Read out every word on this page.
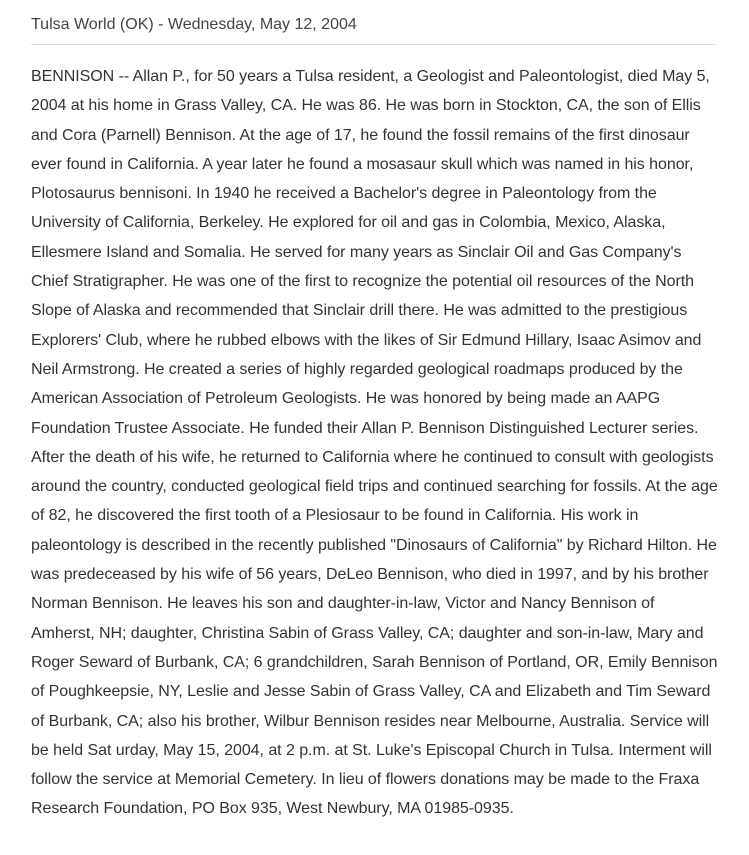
Tulsa World (OK) - Wednesday, May 12, 2004

BENNISON -- Allan P., for 50 years a Tulsa resident, a Geologist and Paleontologist, died May 5, 2004 at his home in Grass Valley, CA. He was 86. He was born in Stockton, CA, the son of Ellis and Cora (Parnell) Bennison. At the age of 17, he found the fossil remains of the first dinosaur ever found in California. A year later he found a mosasaur skull which was named in his honor, Plotosaurus bennisoni. In 1940 he received a Bachelor's degree in Paleontology from the University of California, Berkeley. He explored for oil and gas in Colombia, Mexico, Alaska, Ellesmere Island and Somalia. He served for many years as Sinclair Oil and Gas Company's Chief Stratigrapher. He was one of the first to recognize the potential oil resources of the North Slope of Alaska and recommended that Sinclair drill there. He was admitted to the prestigious Explorers' Club, where he rubbed elbows with the likes of Sir Edmund Hillary, Isaac Asimov and Neil Armstrong. He created a series of highly regarded geological roadmaps produced by the American Association of Petroleum Geologists. He was honored by being made an AAPG Foundation Trustee Associate. He funded their Allan P. Bennison Distinguished Lecturer series. After the death of his wife, he returned to California where he continued to consult with geologists around the country, conducted geological field trips and continued searching for fossils. At the age of 82, he discovered the first tooth of a Plesiosaur to be found in California. His work in paleontology is described in the recently published "Dinosaurs of California" by Richard Hilton. He was predeceased by his wife of 56 years, DeLeo Bennison, who died in 1997, and by his brother Norman Bennison. He leaves his son and daughter-in-law, Victor and Nancy Bennison of Amherst, NH; daughter, Christina Sabin of Grass Valley, CA; daughter and son-in-law, Mary and Roger Seward of Burbank, CA; 6 grandchildren, Sarah Bennison of Portland, OR, Emily Bennison of Poughkeepsie, NY, Leslie and Jesse Sabin of Grass Valley, CA and Elizabeth and Tim Seward of Burbank, CA; also his brother, Wilbur Bennison resides near Melbourne, Australia. Service will be held Sat urday, May 15, 2004, at 2 p.m. at St. Luke's Episcopal Church in Tulsa. Interment will follow the service at Memorial Cemetery. In lieu of flowers donations may be made to the Fraxa Research Foundation, PO Box 935, West Newbury, MA 01985-0935.
